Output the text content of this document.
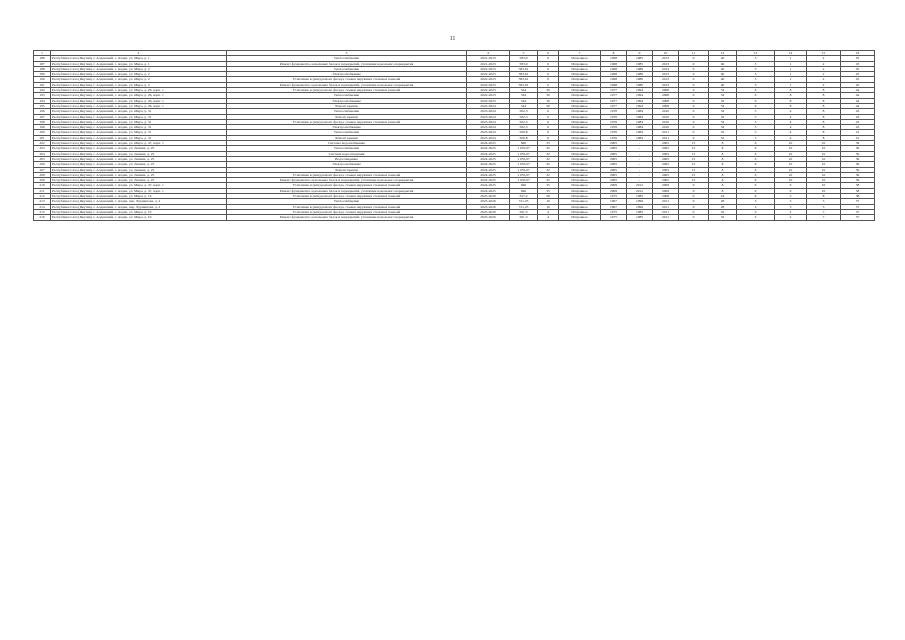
11
1	2	3	4	5	6	7	8	9	10	11	12	13	14	15	16
186	Республика Саха (Якутия), г. Алданский, г. Алдан, ул. Мира, д. 1	Теплоснабжение	2021-2023	583,9	6	Исправное	1968	1985	2013	0	40	3	1	2	45
187	Республика Саха (Якутия), г. Алданский, г. Алдан, ул. Мира, д. 1	Ремонт фундамента, цокольных балок и перекрытий, утепление цокольного перекрытия	2021-2023	583,9	0	Исправное	1968	1985	2013	0	40	3	1	2	45
188	Республика Саха (Якутия), г. Алданский, г. Алдан, ул. Мира, д. 2	Теплоснабжение	2022-2023	583,61	0	Исправное	1968	1986	2013	0	40	3	1	2	45
189	Республика Саха (Якутия), г. Алданский, г. Алдан, ул. Мира, д. 2	Электроснабжение	2022-2023	583,61	0	Исправное	1968	1986	2013	0	40	3	1	2	45
190	Республика Саха (Якутия), г. Алданский, г. Алдан, ул. Мира, д. 2	Утепление и (или) ремонт фасада, стыков наружных стеновых панелей	2022-2023	583,61	0	Исправное	1968	1986	2013	0	40	3	1	2	45
191	Республика Саха (Якутия), г. Алданский, г. Алдан, ул. Мира, д. 2	Ремонт фундамента, цокольных балок и перекрытий, утепление цокольного перекрытия	2022-2023	583,61	0	Исправное	1968	1986	2013	0	40	3	1	2	45
192	Республика Саха (Якутия), г. Алданский, г. Алдан, ул. Мира, д. 26, корп. 1	Утепление и (или) ремонт фасада, стыков наружных стеновых панелей	2022-2023	544	30	Исправное	1977	1994	2008	0	32	6	8	8	44
193	Республика Саха (Якутия), г. Алданский, г. Алдан, ул. Мира, д. 26, корп. 1	Теплоснабжение	2022-2023	544	30	Исправное	1977	1994	2008	0	32	6	8	8	44
194	Республика Саха (Якутия), г. Алданский, г. Алдан, ул. Мира, д. 26, корп. 1	Электроснабжение	2022-2023	544	30	Исправное	1977	1994	2008	0	32	6	8	8	44
195	Республика Саха (Якутия), г. Алданский, г. Алдан, ул. Мира, д. 26, корп. 1	Ремонт крыши	2022-2024	544	30	Исправное	1977	1994	2008	0	32	6	8	8	44
196	Республика Саха (Якутия), г. Алданский, г. Алдан, ул. Мира, д. 31	Теплоснабжение	2023-2024	502,3	6	Исправное	1976	1984	2010	0	32	5	4	8	43
197	Республика Саха (Якутия), г. Алданский, г. Алдан, ул. Мира, д. 31	Ремонт крыши	2023-2024	502,3	6	Исправное	1976	1984	2010	0	32	5	4	8	43
198	Республика Саха (Якутия), г. Алданский, г. Алдан, ул. Мира, д. 31	Утепление и (или) ремонт фасада, стыков наружных стеновых панелей	2023-2024	502,3	6	Исправное	1976	1984	2010	0	32	5	4	8	43
199	Республика Саха (Якутия), г. Алданский, г. Алдан, ул. Мира, д. 31	Электроснабжение	2023-2024	502,3	6	Исправное	1976	1984	2010	0	32	5	4	8	43
200	Республика Саха (Якутия), г. Алданский, г. Алдан, ул. Мира, д. 31	Теплоснабжение	2023-2024	509,8	6	Исправное	1976	1984	2011	0	32	5	4	8	41
201	Республика Саха (Якутия), г. Алданский, г. Алдан, ул. Мира, д. 31	Ремонт крыши	2023-2024	509,8	6	Исправное	1976	1984	2011	0	32	5	4	8	41
202	Республика Саха (Якутия), г. Алданский, г. Алдан, ул. Мира, д. 47, корп. 1	Система водоснабжения	2024-2025	840	35	Исправное	2005	-	2005	15	8	6	10	10	39
203	Республика Саха (Якутия), г. Алданский, г. Алдан, ул. Ленина, д. 25	Теплоснабжение	2024-2025	1 035,67	32	Исправное	2005	-	2005	15	8	6	10	10	39
204	Республика Саха (Якутия), г. Алданский, г. Алдан, ул. Ленина, д. 25	Система водоотведения	2024-2025	1 035,67	32	Исправное	2005	-	2005	15	8	6	10	10	39
205	Республика Саха (Якутия), г. Алданский, г. Алдан, ул. Ленина, д. 25	Водоотведение	2024-2025	1 035,67	32	Исправное	2005	-	2005	15	8	6	10	10	39
206	Республика Саха (Якутия), г. Алданский, г. Алдан, ул. Ленина, д. 25	Электроснабжение	2024-2025	1 035,67	32	Исправное	2005	-	2005	15	8	6	10	10	39
207	Республика Саха (Якутия), г. Алданский, г. Алдан, ул. Ленина, д. 25	Ремонт крыши	2024-2025	1 035,67	32	Исправное	2005	-	2005	15	8	6	10	10	39
208	Республика Саха (Якутия), г. Алданский, г. Алдан, ул. Ленина, д. 25	Утепление и (или) ремонт фасада, стыков наружных стеновых панелей	2024-2025	1 035,67	32	Исправное	2005	-	2005	15	8	6	10	10	39
209	Республика Саха (Якутия), г. Алданский, г. Алдан, ул. Ленина, д. 25	Ремонт фундамента, цокольных балок и перекрытий, утепление цокольного перекрытия	2024-2025	1 035,67	32	Исправное	2005	-	2005	15	8	6	10	10	39
210	Республика Саха (Якутия), г. Алданский, г. Алдан, ул. Мира, д. 47, корп. 1	Утепление и (или) ремонт фасада, стыков наружных стеновых панелей	2024-2025	840	35	Исправное	2009	2012	2009	0	8	9	0	10	38
211	Республика Саха (Якутия), г. Алданский, г. Алдан, ул. Мира, д. 47, корп. 1	Ремонт фундамента, цокольных балок и перекрытий, утепление цокольного перекрытия	2024-2025	840	35	Исправное	2009	2012	2009	0	8	9	0	10	38
212	Республика Саха (Якутия), г. Алданский, г. Алдан, ул. Мира, д. 16	Утепление и (или) ремонт фасада, стыков наружных стеновых панелей	2025-2026	557,2	28	Исправное	1975	1985	2008	0	24	6	5	8	38
213	Республика Саха (Якутия), г. Алданский, г. Алдан, пер. Хуршилова, д. 2	Теплоснабжение	2025-2026	721,25	10	Исправное	1967	1999	2011	0	28	3	5	5	37
214	Республика Саха (Якутия), г. Алданский, г. Алдан, пер. Хуршилова, д. 2	Утепление и (или) ремонт фасада, стыков наружных стеновых панелей	2025-2026	721,25	10	Исправное	1967	1999	2011	0	28	3	5	5	37
215	Республика Саха (Якутия), г. Алданский, г. Алдан, ул. Мира, д. 19	Утепление и (или) ремонт фасада, стыков наружных стеновых панелей	2025-2026	561,3	4	Исправное	1975	1985	2011	0	32	3	2	7	37
216	Республика Саха (Якутия), г. Алданский, г. Алдан, ул. Мира, д. 19	Ремонт фундамента, цокольных балок и перекрытий, утепление цокольного перекрытия	2025-2026	561,3	4	Исправное	1975	1985	2011	0	32	3	2	7	37
